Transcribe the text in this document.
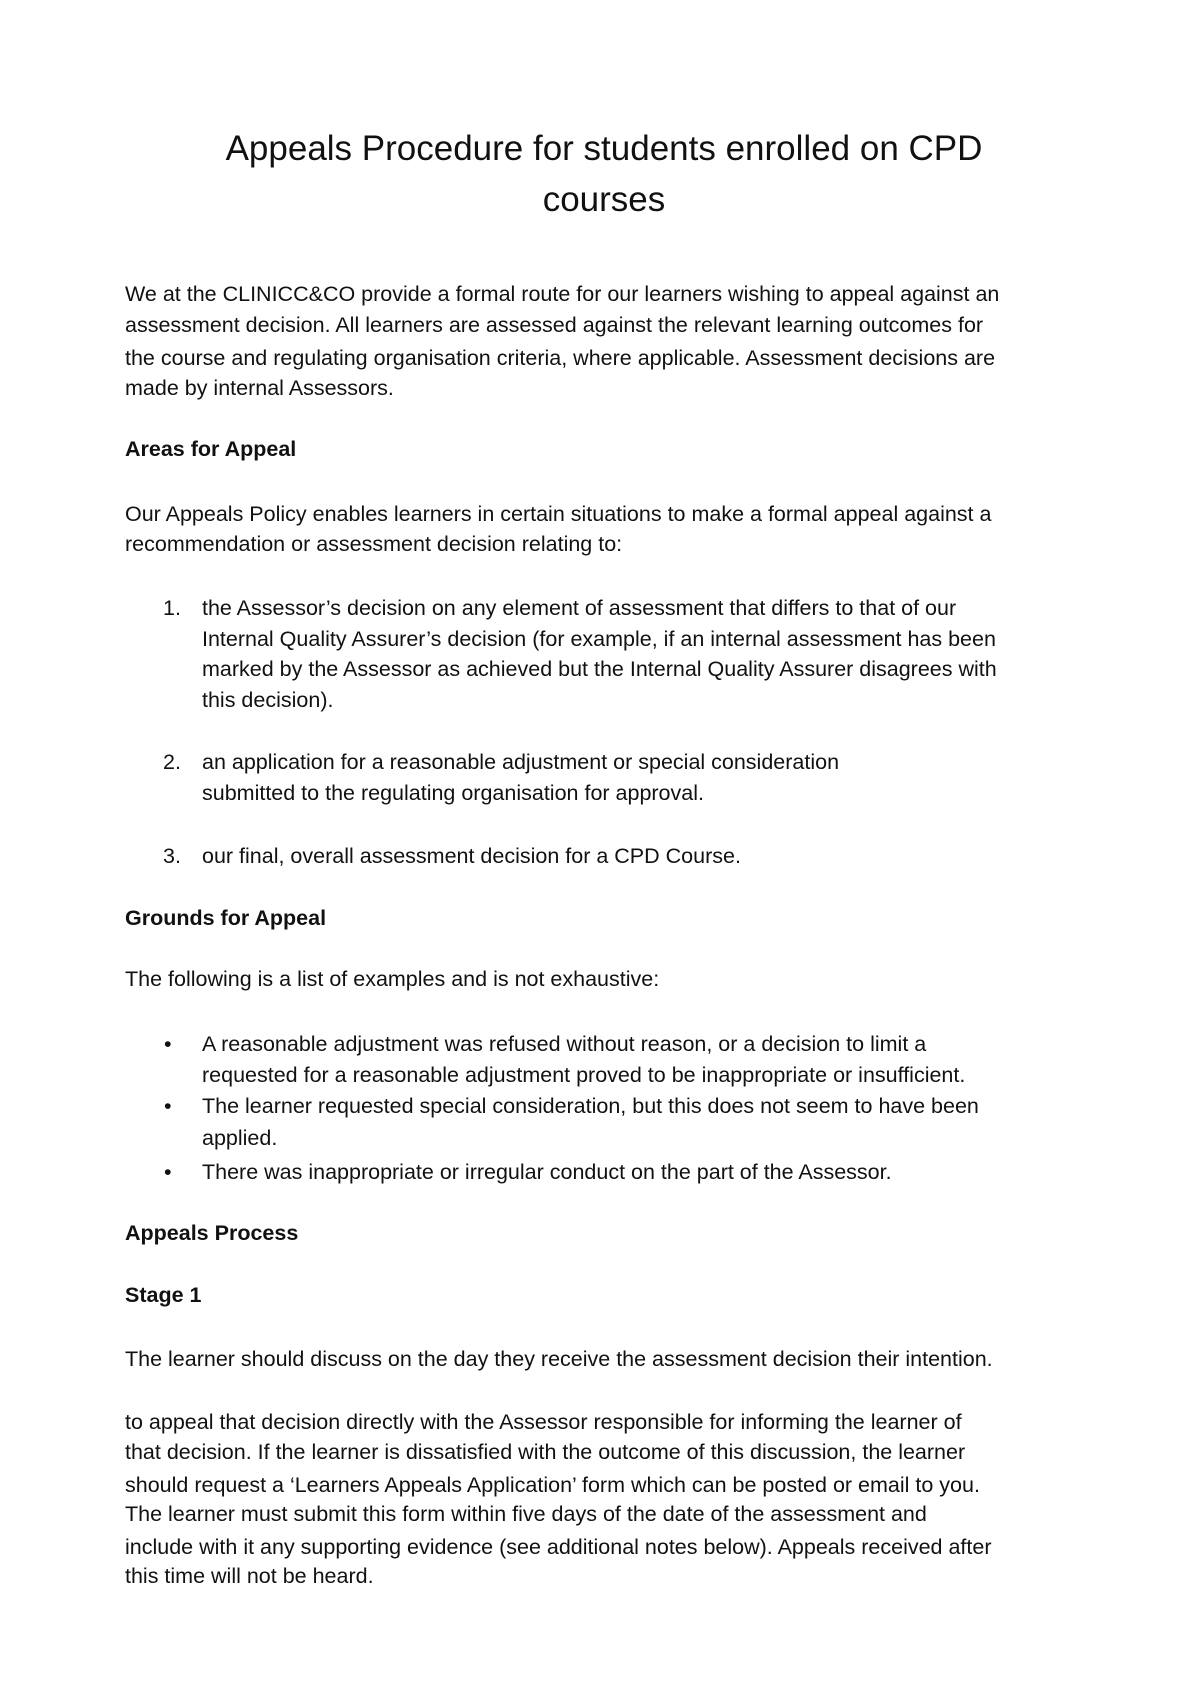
Appeals Procedure for students enrolled on CPD
courses
We at the CLINICC&CO provide a formal route for our learners wishing to appeal against an
assessment decision. All learners are assessed against the relevant learning outcomes for
the course and regulating organisation criteria, where applicable. Assessment decisions are
made by internal Assessors.
Areas for Appeal
Our Appeals Policy enables learners in certain situations to make a formal appeal against a
recommendation or assessment decision relating to:
1. the Assessor’s decision on any element of assessment that differs to that of our
Internal Quality Assurer’s decision (for example, if an internal assessment has been
marked by the Assessor as achieved but the Internal Quality Assurer disagrees with
this decision).
2. an application for a reasonable adjustment or special consideration
submitted to the regulating organisation for approval.
3. our final, overall assessment decision for a CPD Course.
Grounds for Appeal
The following is a list of examples and is not exhaustive:
• A reasonable adjustment was refused without reason, or a decision to limit a
requested for a reasonable adjustment proved to be inappropriate or insufficient.
• The learner requested special consideration, but this does not seem to have been
applied.
• There was inappropriate or irregular conduct on the part of the Assessor.
Appeals Process
Stage 1
The learner should discuss on the day they receive the assessment decision their intention.
to appeal that decision directly with the Assessor responsible for informing the learner of
that decision. If the learner is dissatisfied with the outcome of this discussion, the learner
should request a ‘Learners Appeals Application’ form which can be posted or email to you.
The learner must submit this form within five days of the date of the assessment and
include with it any supporting evidence (see additional notes below). Appeals received after
this time will not be heard.
